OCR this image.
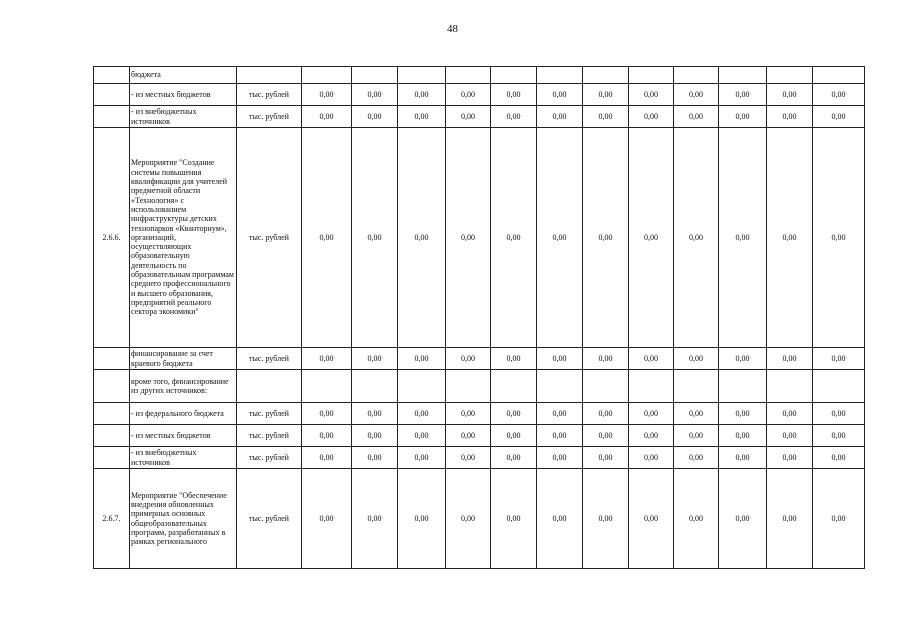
48
	бюджета													
	- из местных бюджетов	тыс. рублей	0,00	0,00	0,00	0,00	0,00	0,00	0,00	0,00	0,00	0,00	0,00	0,00
	- из внебюджетных источников	тыс. рублей	0,00	0,00	0,00	0,00	0,00	0,00	0,00	0,00	0,00	0,00	0,00	0,00
2.6.6.	Мероприятие "Создание системы повышения квалификации для учителей предметной области «Технология» с использованием инфраструктуры детских технопарков «Кванториум», организаций, осуществляющих образовательную деятельность по образовательным программам среднего профессионального и высшего образования, предприятий реального сектора экономики"	тыс. рублей	0,00	0,00	0,00	0,00	0,00	0,00	0,00	0,00	0,00	0,00	0,00	0,00
	финансирование за счет краевого бюджета	тыс. рублей	0,00	0,00	0,00	0,00	0,00	0,00	0,00	0,00	0,00	0,00	0,00	0,00
	кроме того, финансирование из других источников:													
	- из федерального бюджета	тыс. рублей	0,00	0,00	0,00	0,00	0,00	0,00	0,00	0,00	0,00	0,00	0,00	0,00
	- из местных бюджетов	тыс. рублей	0,00	0,00	0,00	0,00	0,00	0,00	0,00	0,00	0,00	0,00	0,00	0,00
	- из внебюджетных источников	тыс. рублей	0,00	0,00	0,00	0,00	0,00	0,00	0,00	0,00	0,00	0,00	0,00	0,00
2.6.7.	Мероприятие "Обеспечение внедрения обновленных примерных основных общеобразовательных программ, разработанных в рамках регионального	тыс. рублей	0,00	0,00	0,00	0,00	0,00	0,00	0,00	0,00	0,00	0,00	0,00	0,00
